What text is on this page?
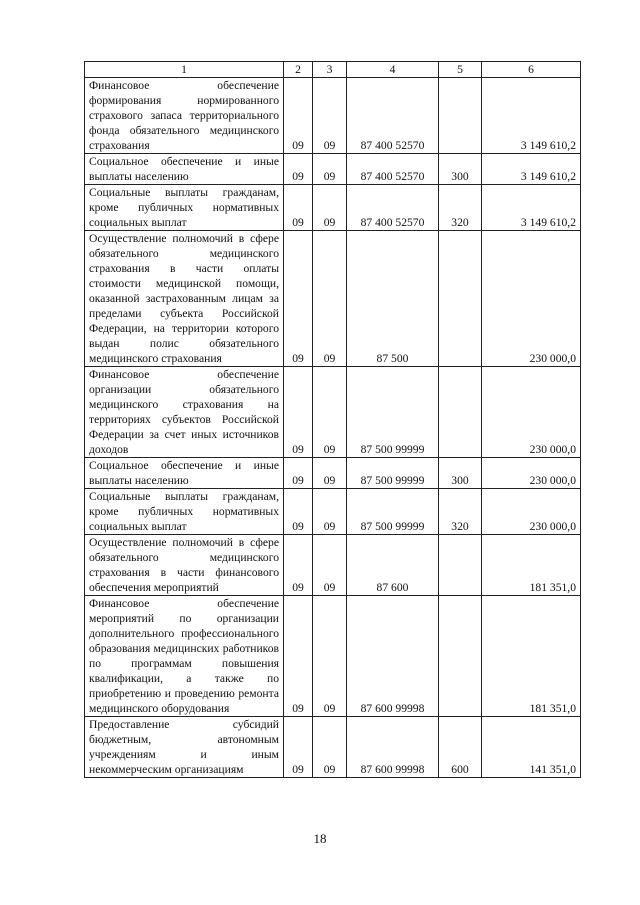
1	2	3	4	5	6
Финансовое обеспечение формирования нормированного страхового запаса территориального фонда обязательного медицинского страхования	09	09	87 400 52570		3 149 610,2
Социальное обеспечение и иные выплаты населению	09	09	87 400 52570	300	3 149 610,2
Социальные выплаты гражданам, кроме публичных нормативных социальных выплат	09	09	87 400 52570	320	3 149 610,2
Осуществление полномочий в сфере обязательного медицинского страхования в части оплаты стоимости медицинской помощи, оказанной застрахованным лицам за пределами субъекта Российской Федерации, на территории которого выдан полис обязательного медицинского страхования	09	09	87 500		230 000,0
Финансовое обеспечение организации обязательного медицинского страхования на территориях субъектов Российской Федерации за счет иных источников доходов	09	09	87 500 99999		230 000,0
Социальное обеспечение и иные выплаты населению	09	09	87 500 99999	300	230 000,0
Социальные выплаты гражданам, кроме публичных нормативных социальных выплат	09	09	87 500 99999	320	230 000,0
Осуществление полномочий в сфере обязательного медицинского страхования в части финансового обеспечения мероприятий	09	09	87 600		181 351,0
Финансовое обеспечение мероприятий по организации дополнительного профессионального образования медицинских работников по программам повышения квалификации, а также по приобретению и проведению ремонта медицинского оборудования	09	09	87 600 99998		181 351,0
Предоставление субсидий бюджетным, автономным учреждениям и иным некоммерческим организациям	09	09	87 600 99998	600	141 351,0
18
